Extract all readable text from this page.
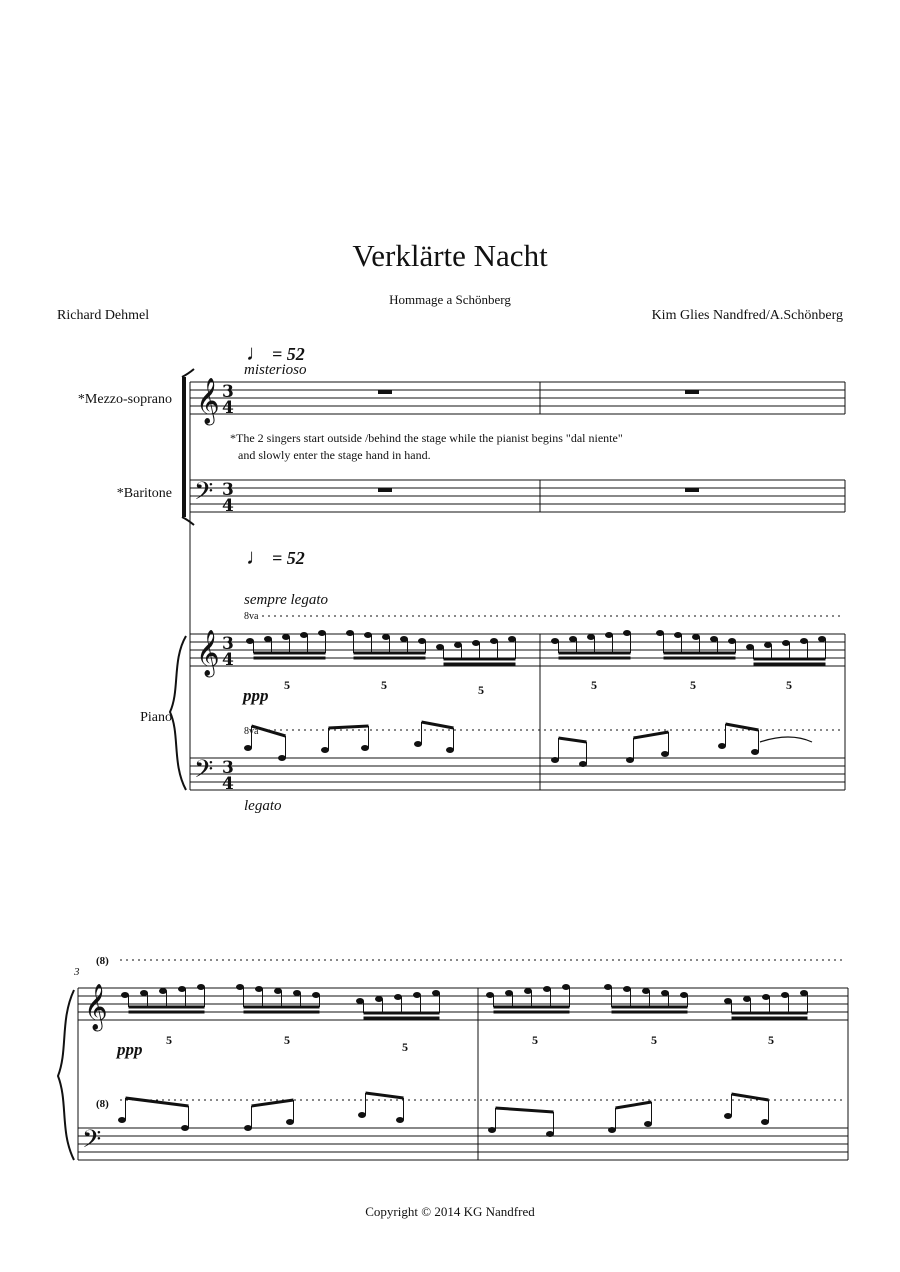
Verklärte Nacht
Hommage a Schönberg
Richard Dehmel	Kim Glies Nandfred/A.Schönberg
*Mezzo-soprano
*Baritone
Piano
♩ = 52
misterioso
*The 2 singers start outside /behind the stage while the pianist begins "dal niente"
and slowly enter the stage hand in hand.
♩ = 52
sempre legato
8va
8va
ppp
legato
5	5	5	5	5	5
3
(8)
(8)
ppp 5	5	5	5	5	5
Copyright © 2014 KG Nandfred
𝄞 3
4
𝄢 3
4
𝄞 3
4
𝄢 3
4
𝄞
𝄢
